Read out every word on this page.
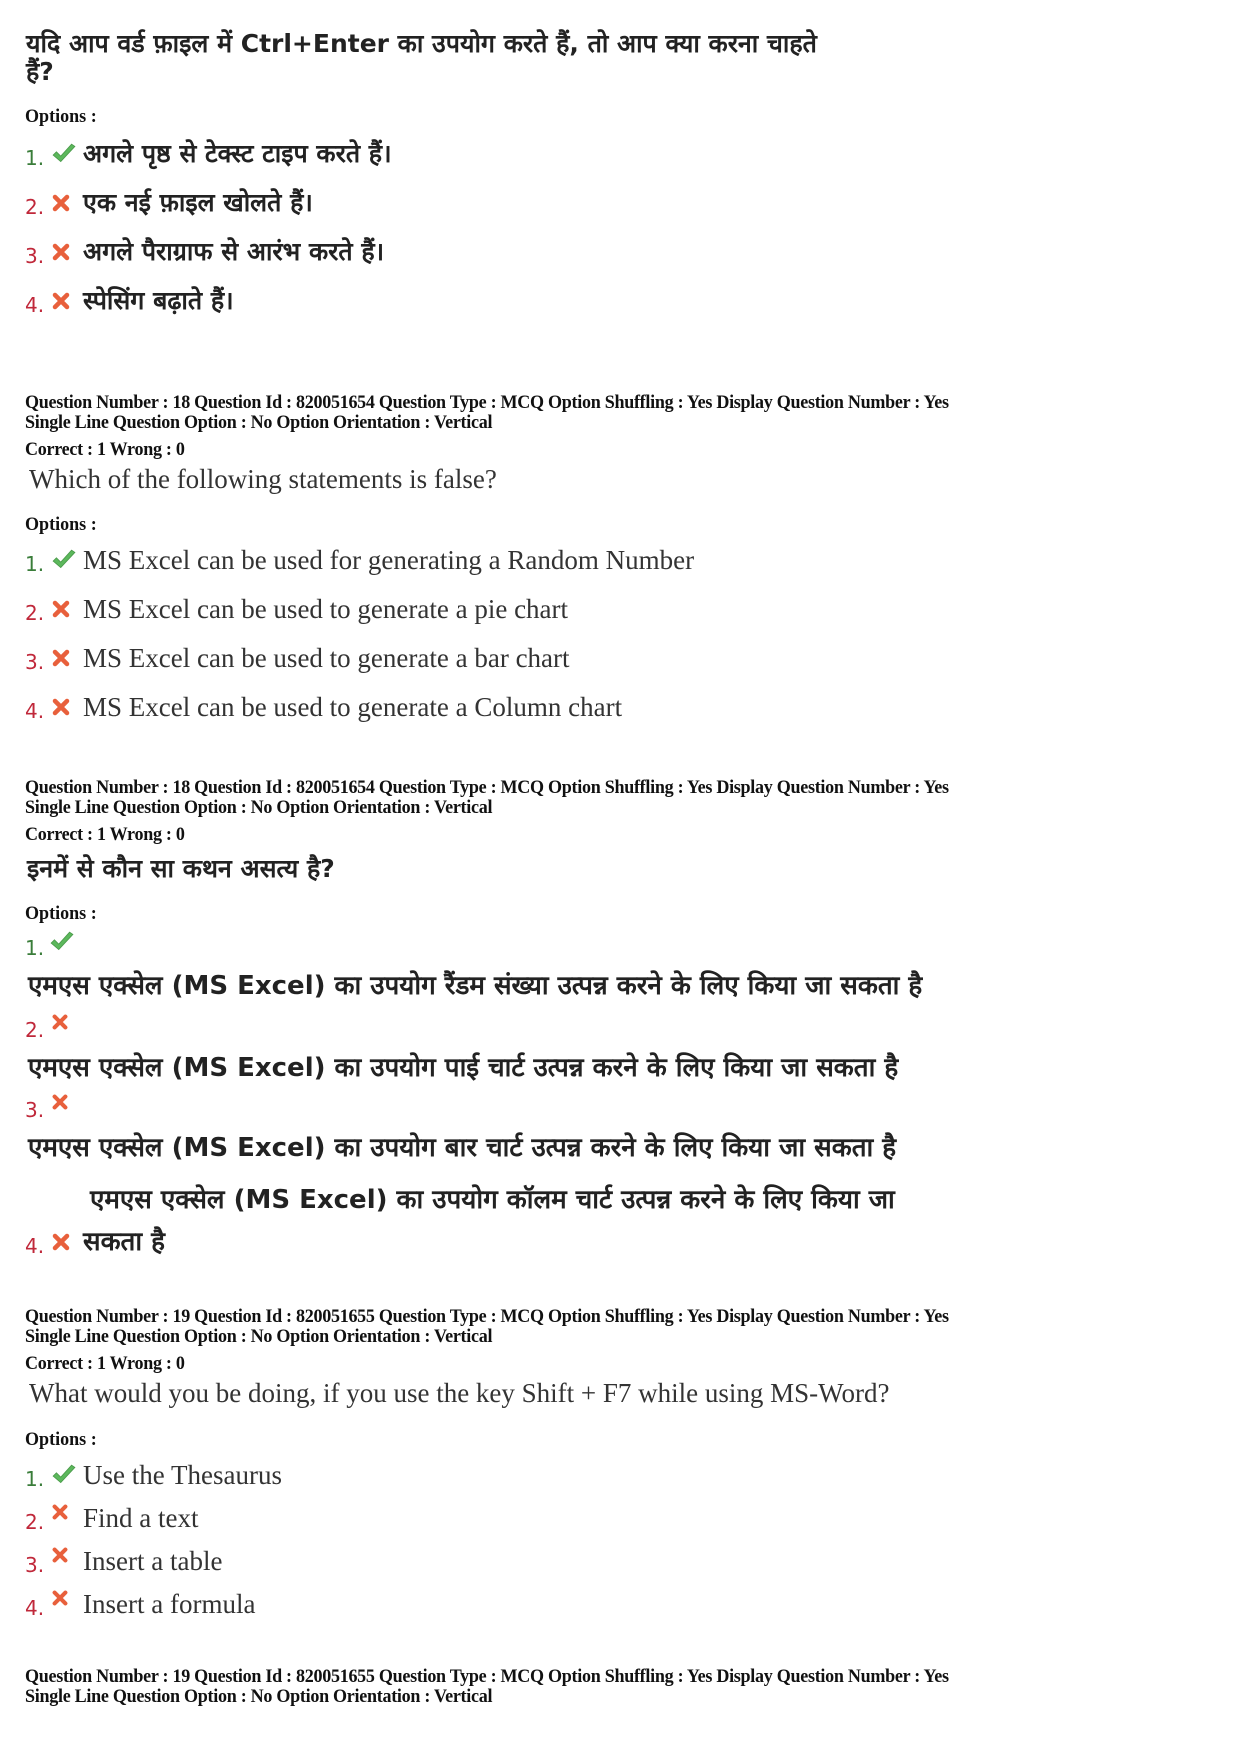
यदि आप वर्ड फ़ाइल में Ctrl+Enter का उपयोग करते हैं, तो आप क्या करना चाहते
हैं?
Options :
1. अगले पृष्ठ से टेक्स्ट टाइप करते हैं।
2. एक नई फ़ाइल खोलते हैं।
3. अगले पैराग्राफ से आरंभ करते हैं।
4. स्पेसिंग बढ़ाते हैं।
Question Number : 18 Question Id : 820051654 Question Type : MCQ Option Shuffling : Yes Display Question Number : Yes
Single Line Question Option : No Option Orientation : Vertical
Correct : 1 Wrong : 0
Which of the following statements is false?
Options :
1. MS Excel can be used for generating a Random Number
2. MS Excel can be used to generate a pie chart
3. MS Excel can be used to generate a bar chart
4. MS Excel can be used to generate a Column chart
Question Number : 18 Question Id : 820051654 Question Type : MCQ Option Shuffling : Yes Display Question Number : Yes
Single Line Question Option : No Option Orientation : Vertical
Correct : 1 Wrong : 0
इनमें से कौन सा कथन असत्य है?
Options :
1.
एमएस एक्सेल (MS Excel) का उपयोग रैंडम संख्या उत्पन्न करने के लिए किया जा सकता है
2.
एमएस एक्सेल (MS Excel) का उपयोग पाई चार्ट उत्पन्न करने के लिए किया जा सकता है
3.
एमएस एक्सेल (MS Excel) का उपयोग बार चार्ट उत्पन्न करने के लिए किया जा सकता है
एमएस एक्सेल (MS Excel) का उपयोग कॉलम चार्ट उत्पन्न करने के लिए किया जा
4. सकता है
Question Number : 19 Question Id : 820051655 Question Type : MCQ Option Shuffling : Yes Display Question Number : Yes
Single Line Question Option : No Option Orientation : Vertical
Correct : 1 Wrong : 0
What would you be doing, if you use the key Shift + F7 while using MS-Word?
Options :
1. Use the Thesaurus
2. Find a text
3. Insert a table
4. Insert a formula
Question Number : 19 Question Id : 820051655 Question Type : MCQ Option Shuffling : Yes Display Question Number : Yes
Single Line Question Option : No Option Orientation : Vertical
